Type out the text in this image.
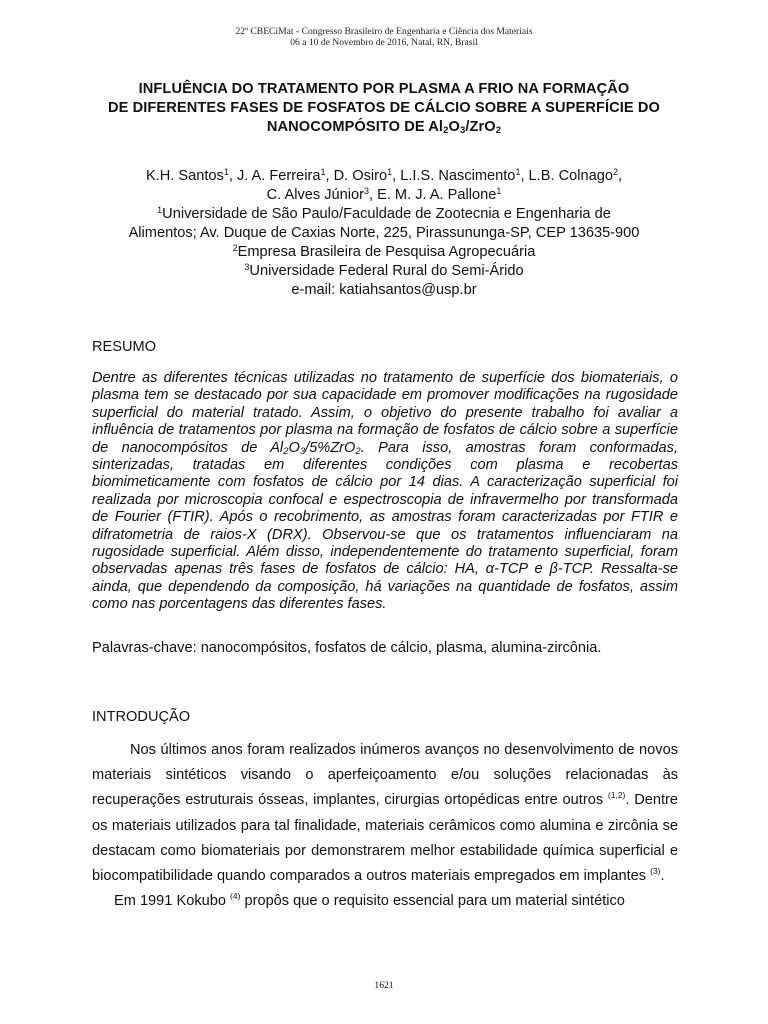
22º CBECiMat - Congresso Brasileiro de Engenharia e Ciência dos Materiais
06 a 10 de Novembro de 2016, Natal, RN, Brasil
INFLUÊNCIA DO TRATAMENTO POR PLASMA A FRIO NA FORMAÇÃO
DE DIFERENTES FASES DE FOSFATOS DE CÁLCIO SOBRE A SUPERFÍCIE DO
NANOCOMPÓSITO DE $Al_2O_3/ZrO_2$
K.H. Santos$^1$, J. A. Ferreira$^1$, D. Osiro$^1$, L.I.S. Nascimento$^1$, L.B. Colnago$^2$,
C. Alves Júnior$^3$, E. M. J. A. Pallone$^1$
$^1$Universidade de São Paulo/Faculdade de Zootecnia e Engenharia de
Alimentos; Av. Duque de Caxias Norte, 225, Pirassununga-SP, CEP 13635-900
$^2$Empresa Brasileira de Pesquisa Agropecuária
$^3$Universidade Federal Rural do Semi-Árido
e-mail: katiahsantos@usp.br
RESUMO
Dentre as diferentes técnicas utilizadas no tratamento de superfície dos biomateriais, o plasma tem se destacado por sua capacidade em promover modificações na rugosidade superficial do material tratado. Assim, o objetivo do presente trabalho foi avaliar a influência de tratamentos por plasma na formação de fosfatos de cálcio sobre a superfície de nanocompósitos de $Al_2O_3/5\%ZrO_2$. Para isso, amostras foram conformadas, sinterizadas, tratadas em diferentes condições com plasma e recobertas biomimeticamente com fosfatos de cálcio por 14 dias. A caracterização superficial foi realizada por microscopia confocal e espectroscopia de infravermelho por transformada de Fourier (FTIR). Após o recobrimento, as amostras foram caracterizadas por FTIR e difratometria de raios-X (DRX). Observou-se que os tratamentos influenciaram na rugosidade superficial. Além disso, independentemente do tratamento superficial, foram observadas apenas três fases de fosfatos de cálcio: HA, α-TCP e β-TCP. Ressalta-se ainda, que dependendo da composição, há variações na quantidade de fosfatos, assim como nas porcentagens das diferentes fases.
Palavras-chave: nanocompósitos, fosfatos de cálcio, plasma, alumina-zircônia.
INTRODUÇÃO

Nos últimos anos foram realizados inúmeros avanços no desenvolvimento de novos materiais sintéticos visando o aperfeiçoamento e/ou soluções relacionadas às recuperações estruturais ósseas, implantes, cirurgias ortopédicas entre outros $^{(1,2)}$. Dentre os materiais utilizados para tal finalidade, materiais cerâmicos como alumina e zircônia se destacam como biomateriais por demonstrarem melhor estabilidade química superficial e biocompatibilidade quando comparados a outros materiais empregados em implantes $^{(3)}$.

Em 1991 Kokubo $^{(4)}$ propôs que o requisito essencial para um material sintético

1621
